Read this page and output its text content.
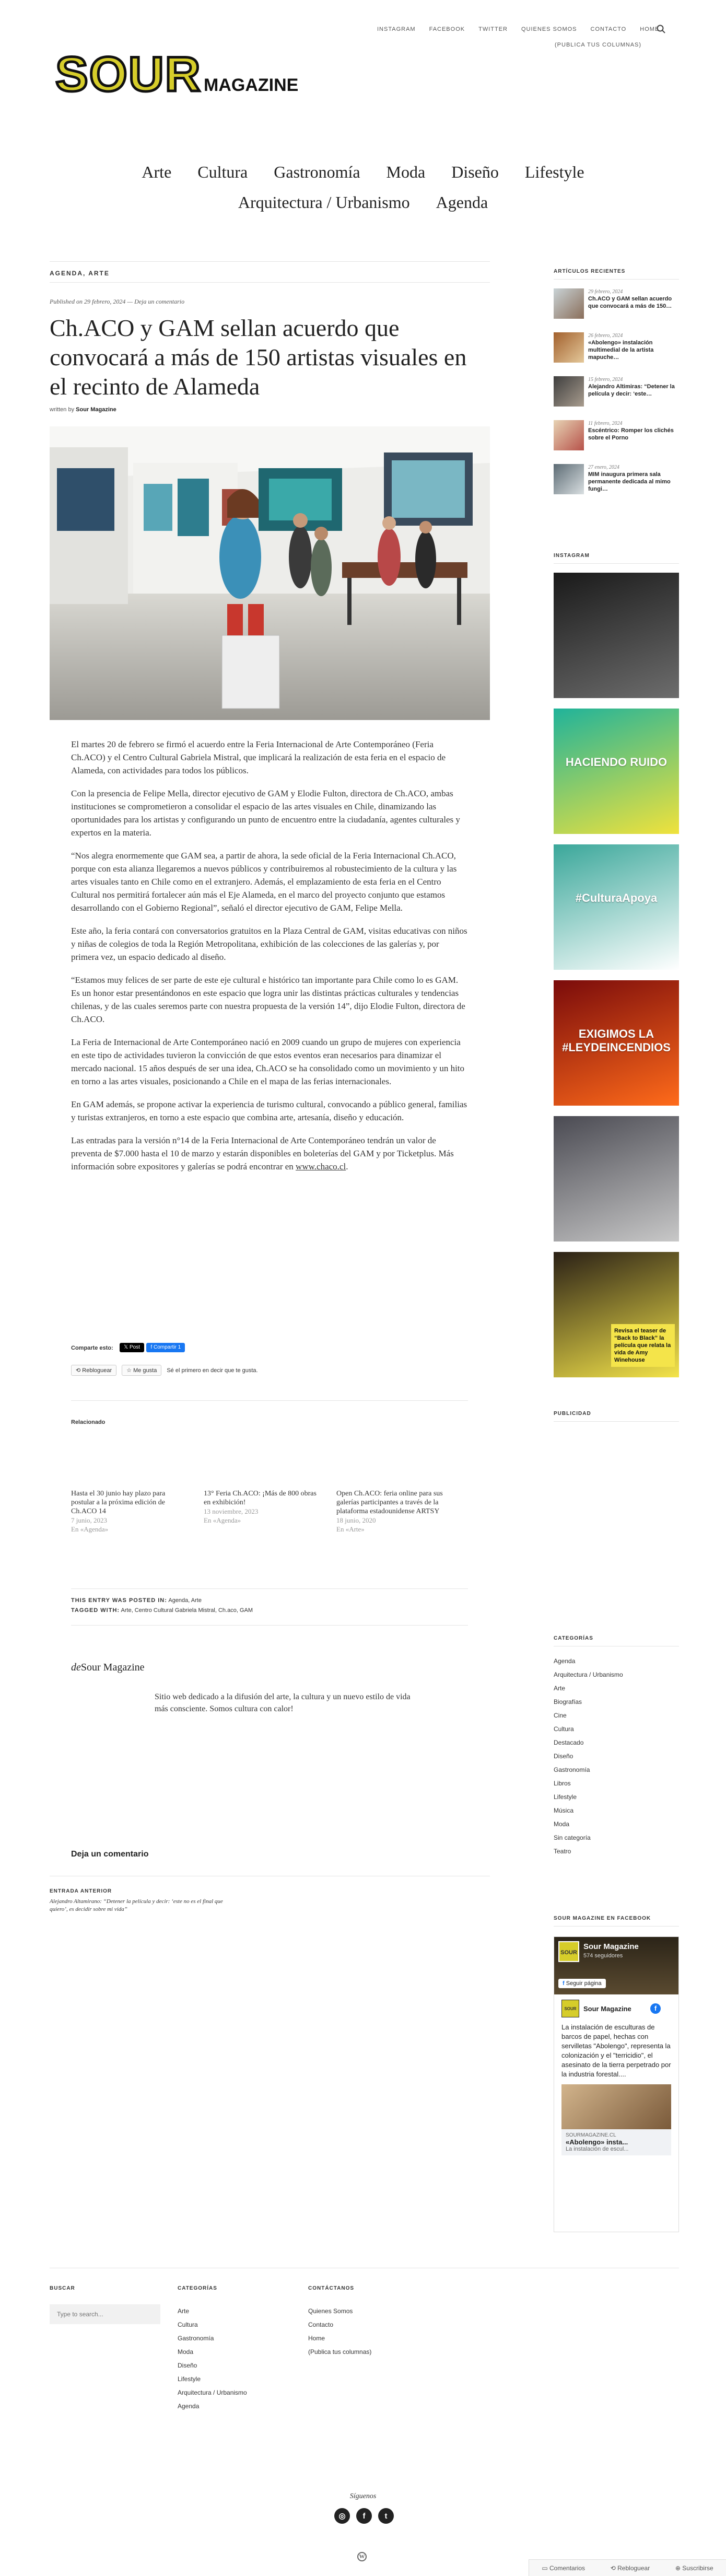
INSTAGRAM FACEBOOK TWITTER QUIENES SOMOS CONTACTO HOME
(PUBLICA TUS COLUMNAS)
SOUR MAGAZINE
Arte Cultura Gastronomía Moda Diseño Lifestyle
Arquitectura / Urbanismo Agenda
AGENDA, ARTE
Published on 29 febrero, 2024 — Deja un comentario
Ch.ACO y GAM sellan acuerdo que convocará a más de 150 artistas visuales en el recinto de Alameda
written by Sour Magazine

El martes 20 de febrero se firmó el acuerdo entre la Feria Internacional de Arte Contemporáneo (Feria Ch.ACO) y el Centro Cultural Gabriela Mistral, que implicará la realización de esta feria en el espacio de Alameda, con actividades para todos los públicos.

Con la presencia de Felipe Mella, director ejecutivo de GAM y Elodie Fulton, directora de Ch.ACO, ambas instituciones se comprometieron a consolidar el espacio de las artes visuales en Chile, dinamizando las oportunidades para los artistas y configurando un punto de encuentro entre la ciudadanía, agentes culturales y expertos en la materia.

“Nos alegra enormemente que GAM sea, a partir de ahora, la sede oficial de la Feria Internacional Ch.ACO, porque con esta alianza llegaremos a nuevos públicos y contribuiremos al robustecimiento de la cultura y las artes visuales tanto en Chile como en el extranjero. Además, el emplazamiento de esta feria en el Centro Cultural nos permitirá fortalecer aún más el Eje Alameda, en el marco del proyecto conjunto que estamos desarrollando con el Gobierno Regional”, señaló el director ejecutivo de GAM, Felipe Mella.

Este año, la feria contará con conversatorios gratuitos en la Plaza Central de GAM, visitas educativas con niños y niñas de colegios de toda la Región Metropolitana, exhibición de las colecciones de las galerías y, por primera vez, un espacio dedicado al diseño.

“Estamos muy felices de ser parte de este eje cultural e histórico tan importante para Chile como lo es GAM. Es un honor estar presentándonos en este espacio que logra unir las distintas prácticas culturales y tendencias chilenas, y de las cuales seremos parte con nuestra propuesta de la versión 14”, dijo Elodie Fulton, directora de Ch.ACO.

La Feria de Internacional de Arte Contemporáneo nació en 2009 cuando un grupo de mujeres con experiencia en este tipo de actividades tuvieron la convicción de que estos eventos eran necesarios para dinamizar el mercado nacional. 15 años después de ser una idea, Ch.ACO se ha consolidado como un movimiento y un hito en torno a las artes visuales, posicionando a Chile en el mapa de las ferias internacionales.

En GAM además, se propone activar la experiencia de turismo cultural, convocando a público general, familias y turistas extranjeros, en torno a este espacio que combina arte, artesanía, diseño y educación.

Las entradas para la versión n°14 de la Feria Internacional de Arte Contemporáneo tendrán un valor de preventa de $7.000 hasta el 10 de marzo y estarán disponibles en boleterías del GAM y por Ticketplus. Más información sobre expositores y galerías se podrá encontrar en www.chaco.cl.

Comparte esto: 𝕏 Post f Compartir 1
⟲ Rebloguear	☆ Me gusta	Sé el primero en decir que te gusta.
Relacionado
Hasta el 30 junio hay plazo para postular a la próxima edición de Ch.ACO 14
7 junio, 2023
En «Agenda»
13° Feria Ch.ACO: ¡Más de 800 obras en exhibición!
13 noviembre, 2023
En «Agenda»
Open Ch.ACO: feria online para sus galerías participantes a través de la plataforma estadounidense ARTSY
18 junio, 2020
En «Arte»
THIS ENTRY WAS POSTED IN: Agenda, Arte
TAGGED WITH: Arte, Centro Cultural Gabriela Mistral, Ch.aco, GAM
deSour Magazine
Sitio web dedicado a la difusión del arte, la cultura y un nuevo estilo de vida más consciente. Somos cultura con calor!
Deja un comentario
ENTRADA ANTERIOR
Alejandro Altamirano: “Detener la película y decir: ‘este no es el final que quiero’, es decidir sobre mi vida”
ARTÍCULOS RECIENTES
29 febrero, 2024
Ch.ACO y GAM sellan acuerdo que convocará a más de 150…
26 febrero, 2024
«Abolengo» instalación multimedial de la artista mapuche…
15 febrero, 2024
Alejandro Altimiras: “Detener la película y decir: ‘este…
11 febrero, 2024
Escéntrico: Romper los clichés sobre el Porno
27 enero, 2024
MIM inaugura primera sala permanente dedicada al mimo fungi…
INSTAGRAM
HACIENDO RUIDO
#CulturaApoya
EXIGIMOS LA #LEYDEINCENDIOS
Revisa el teaser de “Back to Black” la película que relata la vida de Amy Winehouse
PUBLICIDAD
CATEGORÍAS
Agenda
Arquitectura / Urbanismo
Arte
Biografías
Cine
Cultura
Destacado
Diseño
Gastronomía
Libros
Lifestyle
Música
Moda
Sin categoría
Teatro
SOUR MAGAZINE EN FACEBOOK
SOUR
Sour Magazine
574 seguidores
f Seguir página
SOUR	Sour Magazine	f
La instalación de esculturas de barcos de papel, hechas con servilletas "Abolengo", representa la colonización y el "terricidio", el asesinato de la tierra perpetrado por la industria forestal....
SOURMAGAZINE.CL
«Abolengo» insta...
La instalación de escul...
BUSCAR
Type to search...	CATEGORÍAS
Arte
Cultura
Gastronomía
Moda
Diseño
Lifestyle
Arquitectura / Urbanismo
Agenda
CONTÁCTANOS
Quienes Somos
Contacto
Home
(Publica tus columnas)
Síguenos
◎	f	t
W
▭ Comentarios	⟲ Rebloguear	⊕ Suscribirse
